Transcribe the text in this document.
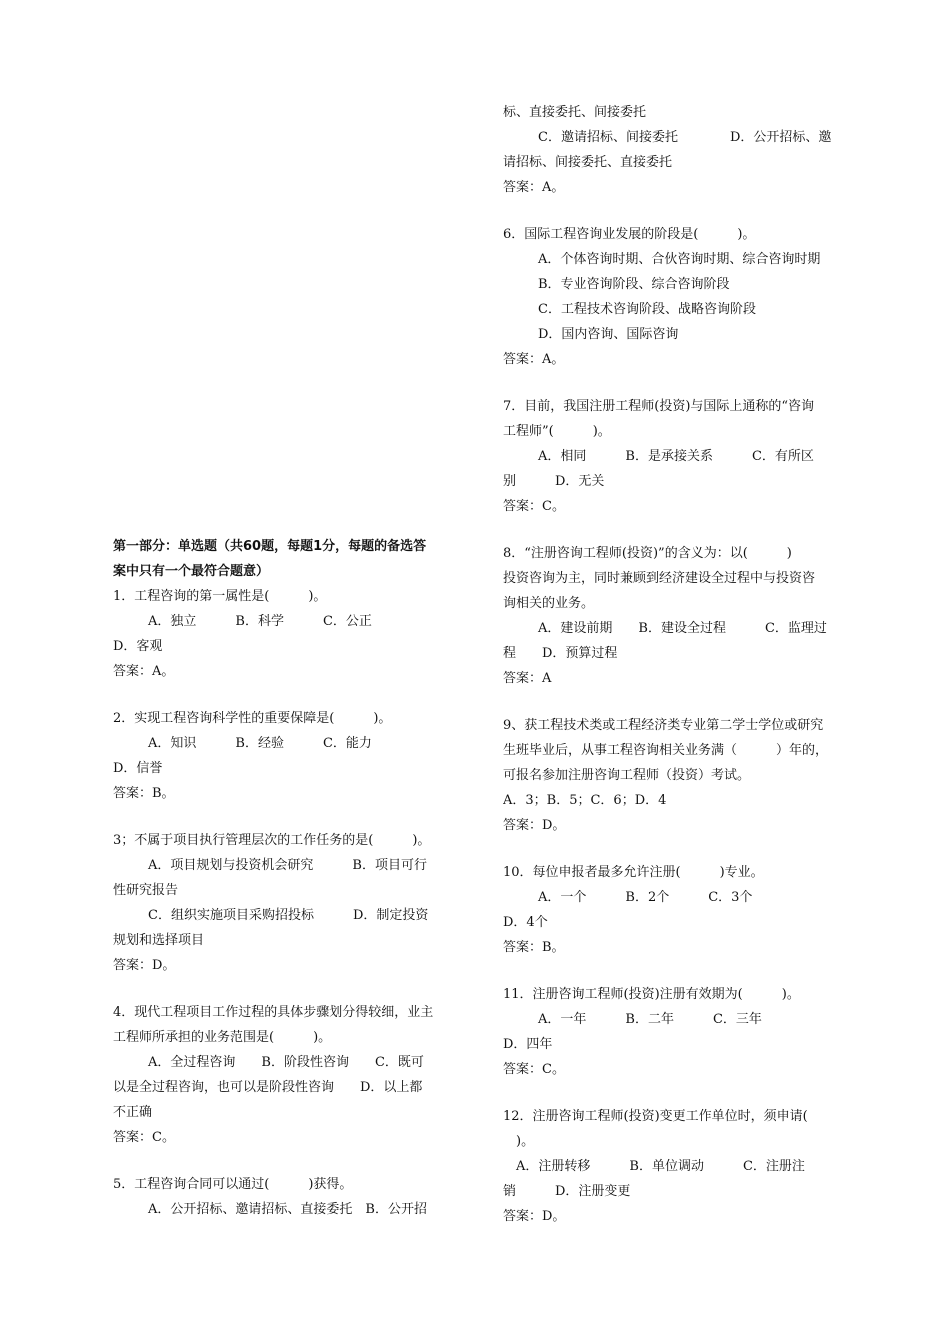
第一部分：单选题（共60题，每题1分，每题的备选答
案中只有一个最符合题意）
1．工程咨询的第一属性是(　　　)。
A．独立　　　B．科学　　　C．公正
D．客观
答案：A。
2．实现工程咨询科学性的重要保障是(　　　)。
A．知识　　　B．经验　　　C．能力
D．信誉
答案：B。
3；不属于项目执行管理层次的工作任务的是(　　　)。
A．项目规划与投资机会研究　　　B．项目可行
性研究报告
C．组织实施项目采购招投标　　　D．制定投资
规划和选择项目
答案：D。
4．现代工程项目工作过程的具体步骤划分得较细，业主
工程师所承担的业务范围是(　　　)。
A．全过程咨询　　B．阶段性咨询　　C．既可
以是全过程咨询，也可以是阶段性咨询　　D．以上都
不正确
答案：C。
5．工程咨询合同可以通过(　　　)获得。
A．公开招标、邀请招标、直接委托　B．公开招
标、直接委托、间接委托
C．邀请招标、间接委托　　　　D．公开招标、邀
请招标、间接委托、直接委托
答案：A。
6．国际工程咨询业发展的阶段是(　　　)。
A．个体咨询时期、合伙咨询时期、综合咨询时期
B．专业咨询阶段、综合咨询阶段
C．工程技术咨询阶段、战略咨询阶段
D．国内咨询、国际咨询
答案：A。
7．目前，我国注册工程师(投资)与国际上通称的“咨询
工程师”(　　　)。
A．相同　　　B．是承接关系　　　C．有所区
别　　　D．无关
答案：C。
8．“注册咨询工程师(投资)”的含义为：以(　　　)
投资咨询为主，同时兼顾到经济建设全过程中与投资咨
询相关的业务。
A．建设前期　　B．建设全过程　　　C．监理过
程　　D．预算过程
答案：A
9、获工程技术类或工程经济类专业第二学士学位或研究
生班毕业后，从事工程咨询相关业务满（　　　）年的，
可报名参加注册咨询工程师（投资）考试。
A．3；B．5；C．6；D．4
答案：D。
10．每位申报者最多允许注册(　　　)专业。
A．一个　　　B．2个　　　C．3个
D．4个
答案：B。
11．注册咨询工程师(投资)注册有效期为(　　　)。
A．一年　　　B．二年　　　C．三年
D．四年
答案：C。
12．注册咨询工程师(投资)变更工作单位时，须申请(
　)。
A．注册转移　　　B．单位调动　　　C．注册注
销　　　D．注册变更
答案：D。
